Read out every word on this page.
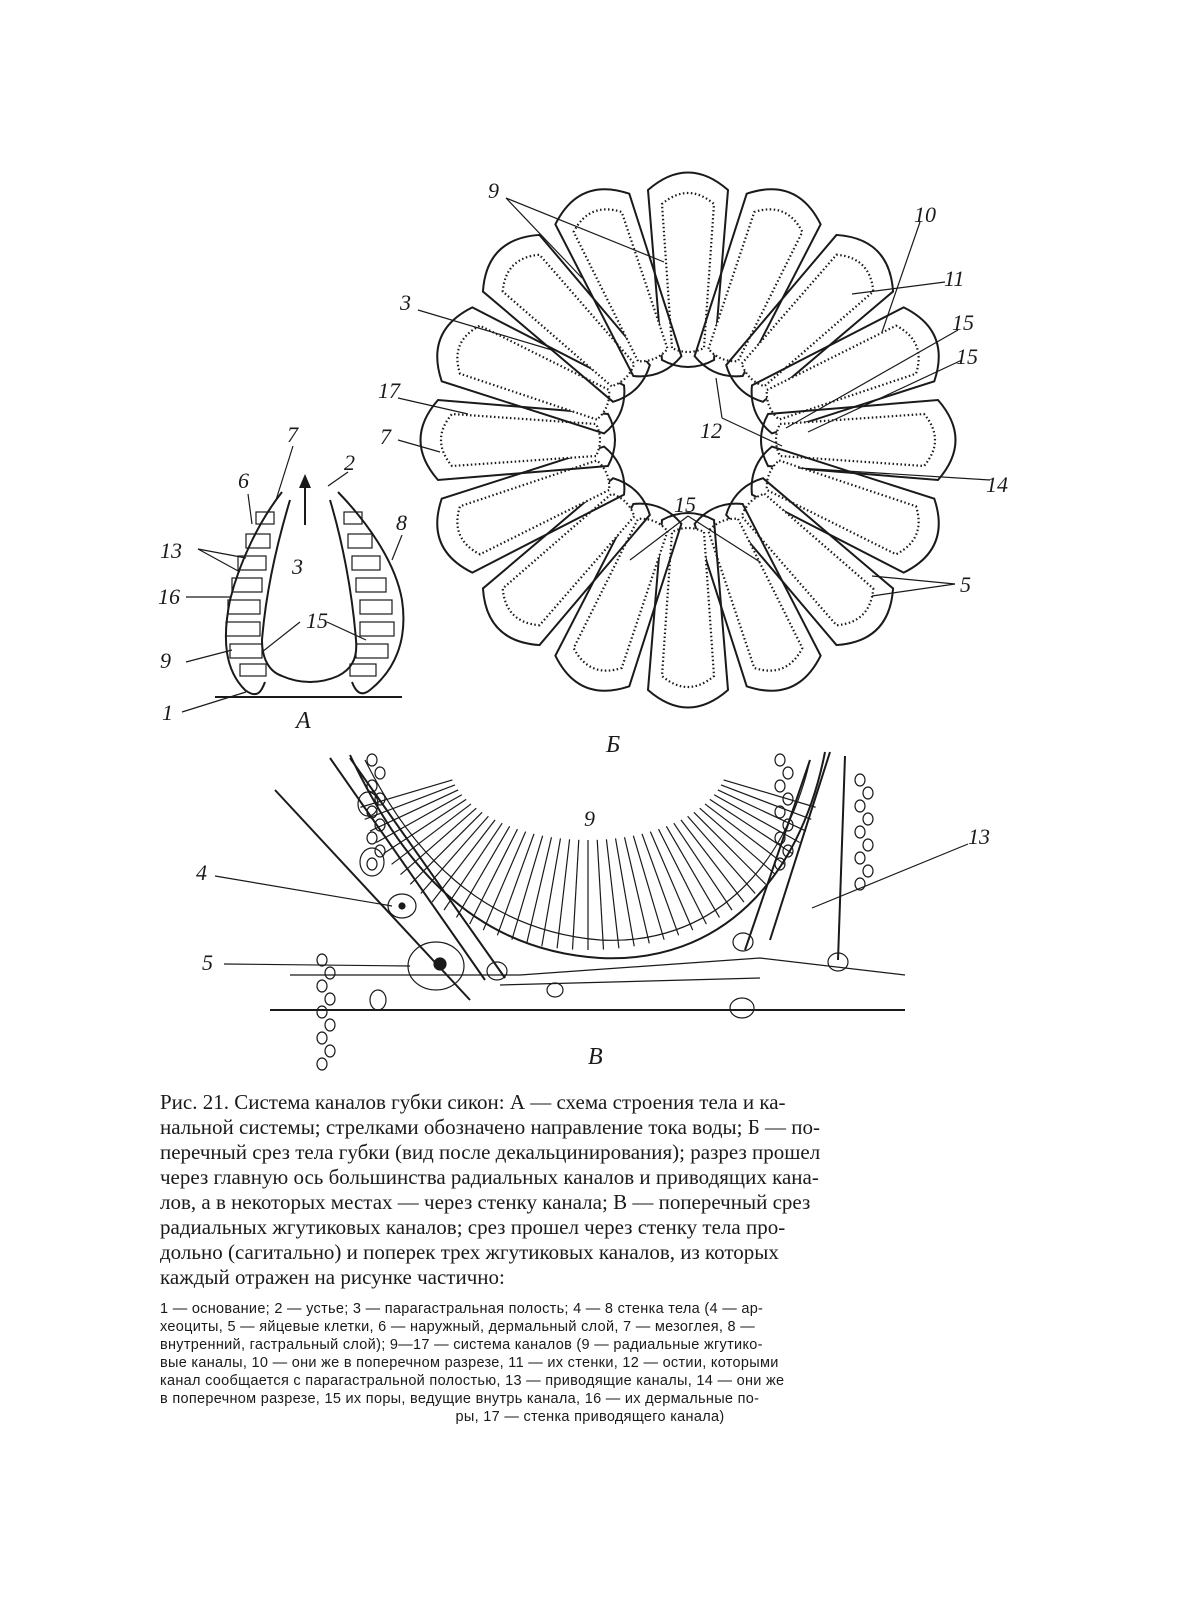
7
2
6
3
8
13
16
15
9
1	А
9
10
11
3
15
15
17
7	12
14
15
5
Б
9
13
4
5
В

Рис. 21. Система каналов губки сикон: А — схема строения тела и ка-

нальной системы; стрелками обозначено направление тока воды; Б — по-

перечный срез тела губки (вид после декальцинирования); разрез прошел

через главную ось большинства радиальных каналов и приводящих кана-

лов, а в некоторых местах — через стенку канала; В — поперечный срез

радиальных жгутиковых каналов; срез прошел через стенку тела про-

дольно (сагитально) и поперек трех жгутиковых каналов, из которых

каждый отражен на рисунке частично:

1 — основание; 2 — устье; 3 — парагастральная полость; 4 — 8 стенка тела (4 — ар-

хеоциты, 5 — яйцевые клетки, 6 — наружный, дермальный слой, 7 — мезоглея, 8 —

внутренний, гастральный слой); 9—17 — система каналов (9 — радиальные жгутико-

вые каналы, 10 — они же в поперечном разрезе, 11 — их стенки, 12 — остии, которыми

канал сообщается с парагастральной полостью, 13 — приводящие каналы, 14 — они же

в поперечном разрезе, 15 их поры, ведущие внутрь канала, 16 — их дермальные по-

ры, 17 — стенка приводящего канала)
